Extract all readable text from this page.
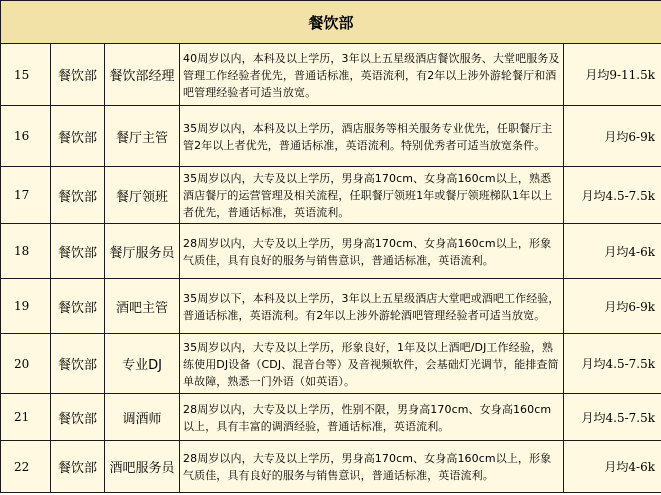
餐饮部				
15	餐饮部	餐饮部经理	40周岁以内，本科及以上学历，3年以上五星级酒店餐饮服务、大堂吧服务及管理工作经验者优先，普通话标准，英语流利，有2年以上涉外游轮餐厅和酒吧管理经验者可适当放宽。	月均9-11.5k
16	餐饮部	餐厅主管	35周岁以内，本科及以上学历，酒店服务等相关服务专业优先，任职餐厅主管2年以上者优先，普通话标准，英语流利。特别优秀者可适当放宽条件。	月均6-9k
17	餐饮部	餐厅领班	35周岁以内，大专及以上学历，男身高170cm、女身高160cm以上，熟悉酒店餐厅的运营管理及相关流程，任职餐厅领班1年或餐厅领班梯队1年以上者优先，普通话标准，英语流利。	月均4.5-7.5k
18	餐饮部	餐厅服务员	28周岁以内，大专及以上学历，男身高170cm、女身高160cm以上，形象气质佳，具有良好的服务与销售意识，普通话标准，英语流利。	月均4-6k
19	餐饮部	酒吧主管	35周岁以下，本科及以上学历，3年以上五星级酒店大堂吧或酒吧工作经验，普通话标准，英语流利。有2年以上涉外游轮酒吧管理经验者可适当放宽。	月均6-9k
20	餐饮部	专业DJ	35周岁以内，大专及以上学历，形象良好，1年及以上酒吧/DJ工作经验，熟练使用DJ设备（CDJ、混音台等）及音视频软件，会基础灯光调节，能排查简单故障，熟悉一门外语（如英语）。	月均4.5-7.5k
21	餐饮部	调酒师	28周岁以内，大专及以上学历，性别不限，男身高170cm、女身高160cm以上，具有丰富的调酒经验，普通话标准，英语流利。	月均4.5-7.5k
22	餐饮部	酒吧服务员	28周岁以内，大专及以上学历，男身高170cm、女身高160cm以上，形象气质佳，具有良好的服务与销售意识，普通话标准，英语流利。	月均4-6k
